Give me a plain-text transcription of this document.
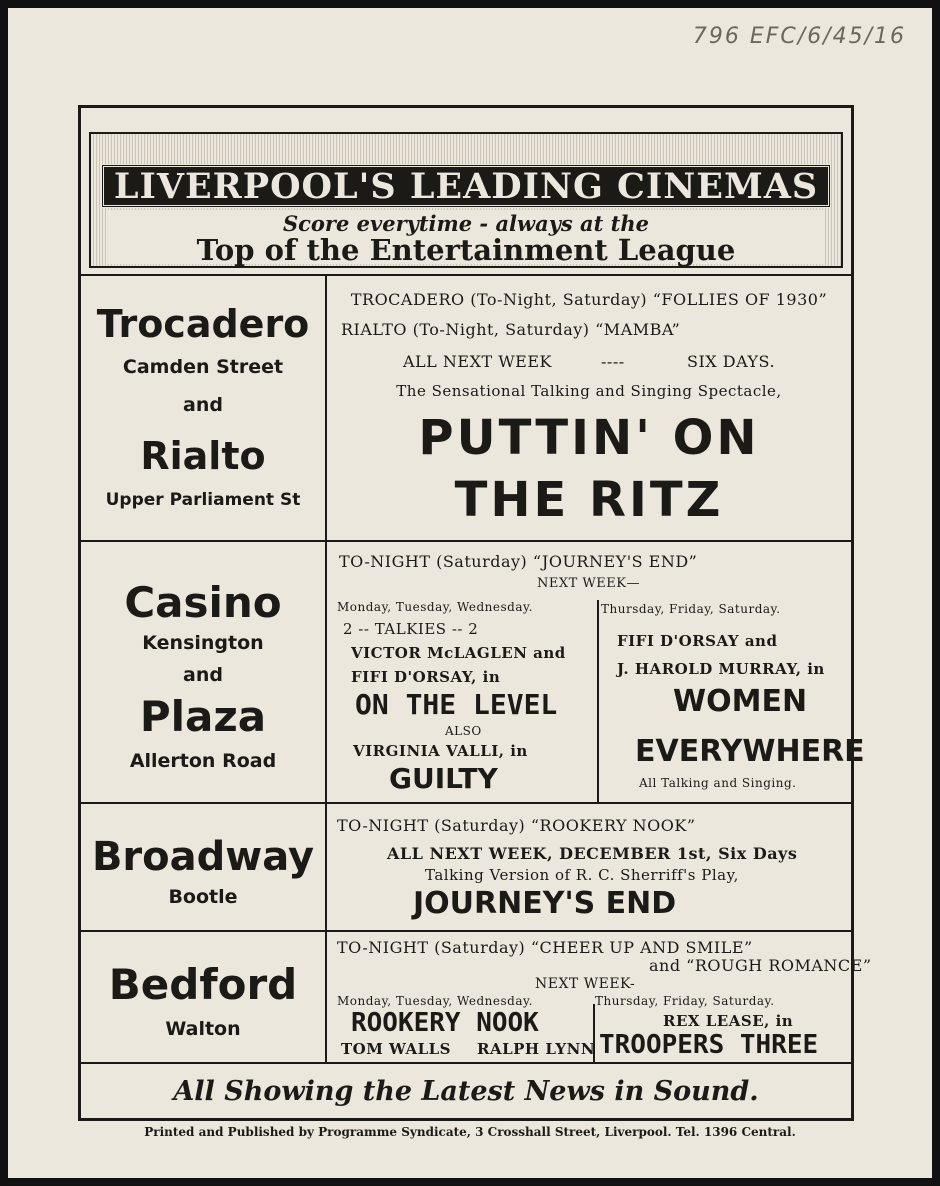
796 EFC/6/45/16
LIVERPOOL'S LEADING CINEMAS
Score everytime - always at the
Top of the Entertainment League
Trocadero
Camden Street
and
Rialto
Upper Parliament St
TROCADERO (To-Night, Saturday) “FOLLIES OF 1930”
RIALTO (To-Night, Saturday) “MAMBA”
ALL NEXT WEEK	----	SIX DAYS.
The Sensational Talking and Singing Spectacle,
PUTTIN' ON
THE RITZ
Casino
Kensington
and
Plaza
Allerton Road
TO-NIGHT (Saturday) “JOURNEY'S END”
NEXT WEEK—
Monday, Tuesday, Wednesday.
2 -- TALKIES -- 2
VICTOR McLAGLEN and
FIFI D'ORSAY, in
ON THE LEVEL
ALSO
VIRGINIA VALLI, in
GUILTY
Thursday, Friday, Saturday.
FIFI D'ORSAY and
J. HAROLD MURRAY, in
WOMEN
EVERYWHERE
All Talking and Singing.
Broadway
Bootle
TO-NIGHT (Saturday) “ROOKERY NOOK”
ALL NEXT WEEK, DECEMBER 1st, Six Days
Talking Version of R. C. Sherriff's Play,
JOURNEY'S END
Bedford
Walton
TO-NIGHT (Saturday) “CHEER UP AND SMILE”
and “ROUGH ROMANCE”
NEXT WEEK-
Monday, Tuesday, Wednesday.	Thursday, Friday, Saturday.
ROOKERY NOOK
TOM WALLS RALPH LYNN
REX LEASE, in
TROOPERS THREE
All Showing the Latest News in Sound.
Printed and Published by Programme Syndicate, 3 Crosshall Street, Liverpool. Tel. 1396 Central.
